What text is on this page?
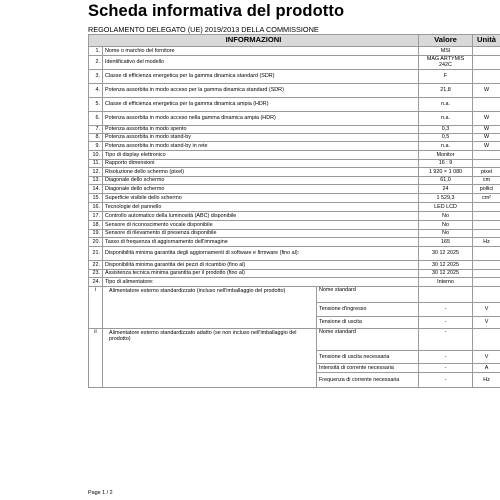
Scheda informativa del prodotto
REGOLAMENTO DELEGATO (UE) 2019/2013 DELLA COMMISSIONE
INFORMAZIONI			Valore	Unità
1.	Nome o marchio del fornitore		MSI	
2.	Identificativo del modello		MAG ARTYMIS 242C	
3.	Classe di efficienza energetica per la gamma dinamica standard (SDR)		F	
4.	Potenza assorbita in modo acceso per la gamma dinamica standard (SDR)		21,8	W
5.	Classe di efficienza energetica per la gamma dinamica ampia (HDR)		n.a.	
6.	Potenza assorbita in modo acceso nella gamma dinamica ampia (HDR)		n.a.	W
7.	Potenza assorbita in modo spento		0,3	W
8.	Potenza assorbita in modo stand-by		0,5	W
9.	Potenza assorbita in modo stand-by in rete		n.a.	W
10.	Tipo di display elettronico		Monitor	
11.	Rapporto dimensioni		16 : 9	
12.	Risoluzione dello schermo (pixel)		1 920 × 1 080	pixel
13.	Diagonale dello schermo		61,0	cm
14.	Diagonale dello schermo		24	pollici
15.	Superficie visibile dello schermo		1 529,3	cm²
16.	Tecnologie del pannello		LED LCD	
17.	Controllo automatico della luminosità (ABC) disponibile		No	
18.	Sensore di riconoscimento vocale disponibile		No	
19.	Sensore di rilevamento di presenza disponibile		No	
20.	Tasso di frequenza di aggiornamento dell'immagine		165	Hz
21.	Disponibilità minima garantita degli aggiornamenti di software e firmware (fino al):		30 12 2025	
22.	Disponibilità minima garantita dei pezzi di ricambio (fino al)		30 12 2025	
23.	Assistenza tecnica minima garantita per il prodotto (fino al)		30 12 2025	
24.	Tipo di alimentatore:		Interno	
i	Alimentatore esterno standardizzato (incluso nell'imballaggio del prodotto)	Nome standard		
		Tensione d'ingresso	-	V
		Tensione di uscita	-	V
ii	Alimentatore esterno standardizzato adatto (se non incluso nell'imballaggio del prodotto)	Nome standard	-	
		Tensione di uscita necessaria	-	V
		Intensità di corrente necessaria	-	A
		Frequenza di corrente necessaria	-	Hz
Page 1 / 2
